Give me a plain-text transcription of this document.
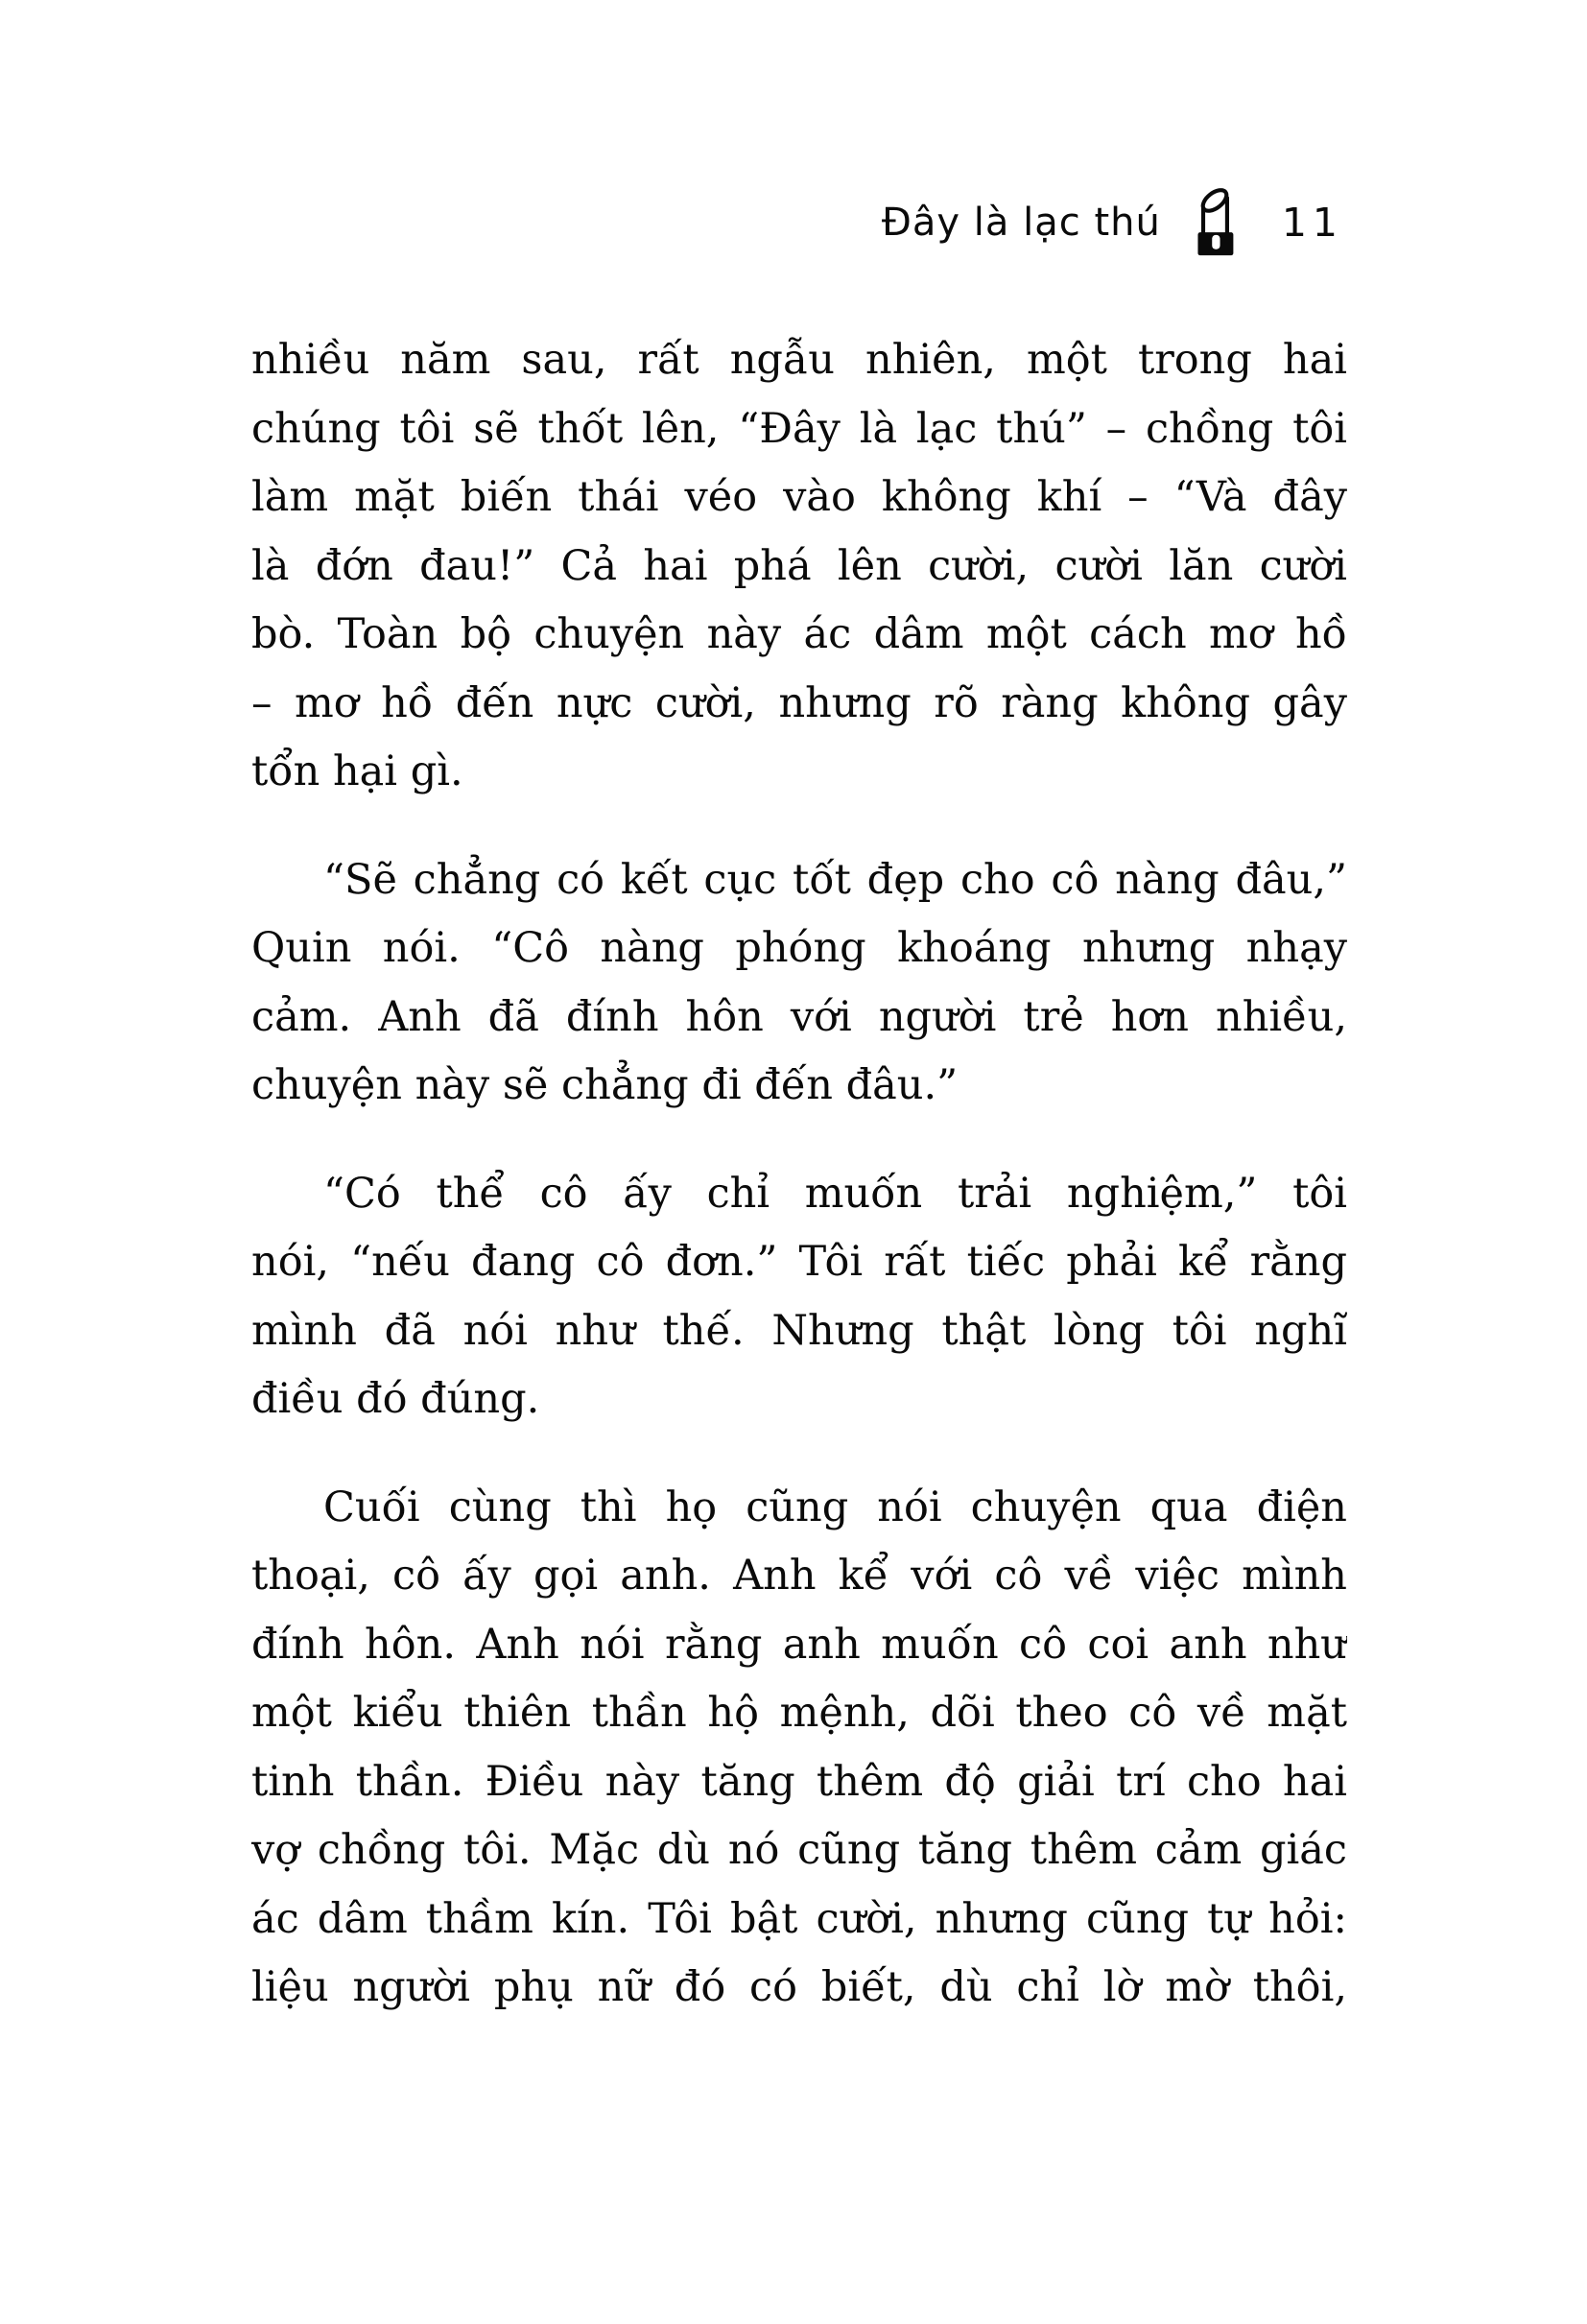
Đây là lạc thú	11
nhiều năm sau, rất ngẫu nhiên, một trong hai
chúng tôi sẽ thốt lên, “Đây là lạc thú” – chồng tôi
làm mặt biến thái véo vào không khí – “Và đây
là đớn đau!” Cả hai phá lên cười, cười lăn cười
bò. Toàn bộ chuyện này ác dâm một cách mơ hồ
– mơ hồ đến nực cười, nhưng rõ ràng không gây
tổn hại gì.
“Sẽ chẳng có kết cục tốt đẹp cho cô nàng đâu,”
Quin nói. “Cô nàng phóng khoáng nhưng nhạy
cảm. Anh đã đính hôn với người trẻ hơn nhiều,
chuyện này sẽ chẳng đi đến đâu.”
“Có thể cô ấy chỉ muốn trải nghiệm,” tôi
nói, “nếu đang cô đơn.” Tôi rất tiếc phải kể rằng
mình đã nói như thế. Nhưng thật lòng tôi nghĩ
điều đó đúng.
Cuối cùng thì họ cũng nói chuyện qua điện
thoại, cô ấy gọi anh. Anh kể với cô về việc mình
đính hôn. Anh nói rằng anh muốn cô coi anh như
một kiểu thiên thần hộ mệnh, dõi theo cô về mặt
tinh thần. Điều này tăng thêm độ giải trí cho hai
vợ chồng tôi. Mặc dù nó cũng tăng thêm cảm giác
ác dâm thầm kín. Tôi bật cười, nhưng cũng tự hỏi:
liệu người phụ nữ đó có biết, dù chỉ lờ mờ thôi,
